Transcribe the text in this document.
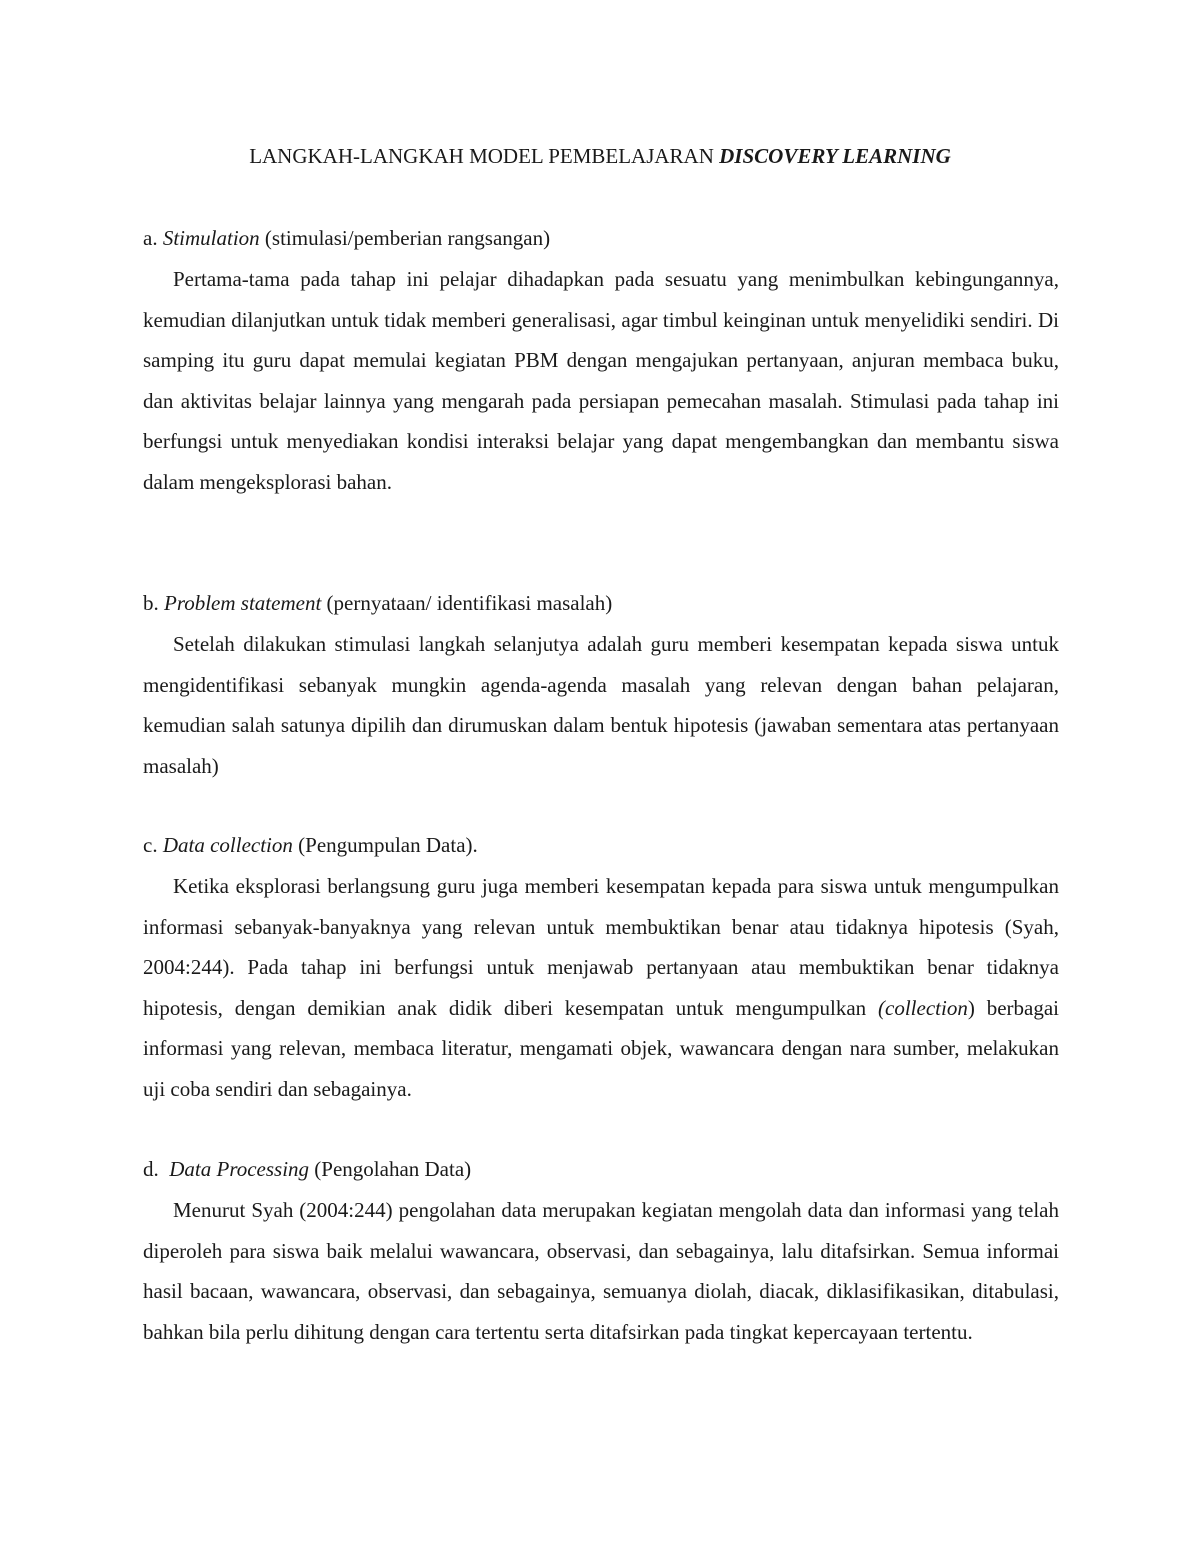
LANGKAH-LANGKAH MODEL PEMBELAJARAN DISCOVERY LEARNING

a. Stimulation (stimulasi/pemberian rangsangan)

Pertama-tama pada tahap ini pelajar dihadapkan pada sesuatu yang menimbulkan kebingungannya, kemudian dilanjutkan untuk tidak memberi generalisasi, agar timbul keinginan untuk menyelidiki sendiri. Di samping itu guru dapat memulai kegiatan PBM dengan mengajukan pertanyaan, anjuran membaca buku, dan aktivitas belajar lainnya yang mengarah pada persiapan pemecahan masalah. Stimulasi pada tahap ini berfungsi untuk menyediakan kondisi interaksi belajar yang dapat mengembangkan dan membantu siswa dalam mengeksplorasi bahan.

b. Problem statement (pernyataan/ identifikasi masalah)

Setelah dilakukan stimulasi langkah selanjutya adalah guru memberi kesempatan kepada siswa untuk mengidentifikasi sebanyak mungkin agenda-agenda masalah yang relevan dengan bahan pelajaran, kemudian salah satunya dipilih dan dirumuskan dalam bentuk hipotesis (jawaban sementara atas pertanyaan masalah)

c. Data collection (Pengumpulan Data).

Ketika eksplorasi berlangsung guru juga memberi kesempatan kepada para siswa untuk mengumpulkan informasi sebanyak-banyaknya yang relevan untuk membuktikan benar atau tidaknya hipotesis (Syah, 2004:244). Pada tahap ini berfungsi untuk menjawab pertanyaan atau membuktikan benar tidaknya hipotesis, dengan demikian anak didik diberi kesempatan untuk mengumpulkan (collection) berbagai informasi yang relevan, membaca literatur, mengamati objek, wawancara dengan nara sumber, melakukan uji coba sendiri dan sebagainya.

d.  Data Processing (Pengolahan Data)

Menurut Syah (2004:244) pengolahan data merupakan kegiatan mengolah data dan informasi yang telah diperoleh para siswa baik melalui wawancara, observasi, dan sebagainya, lalu ditafsirkan. Semua informai hasil bacaan, wawancara, observasi, dan sebagainya, semuanya diolah, diacak, diklasifikasikan, ditabulasi, bahkan bila perlu dihitung dengan cara tertentu serta ditafsirkan pada tingkat kepercayaan tertentu.
